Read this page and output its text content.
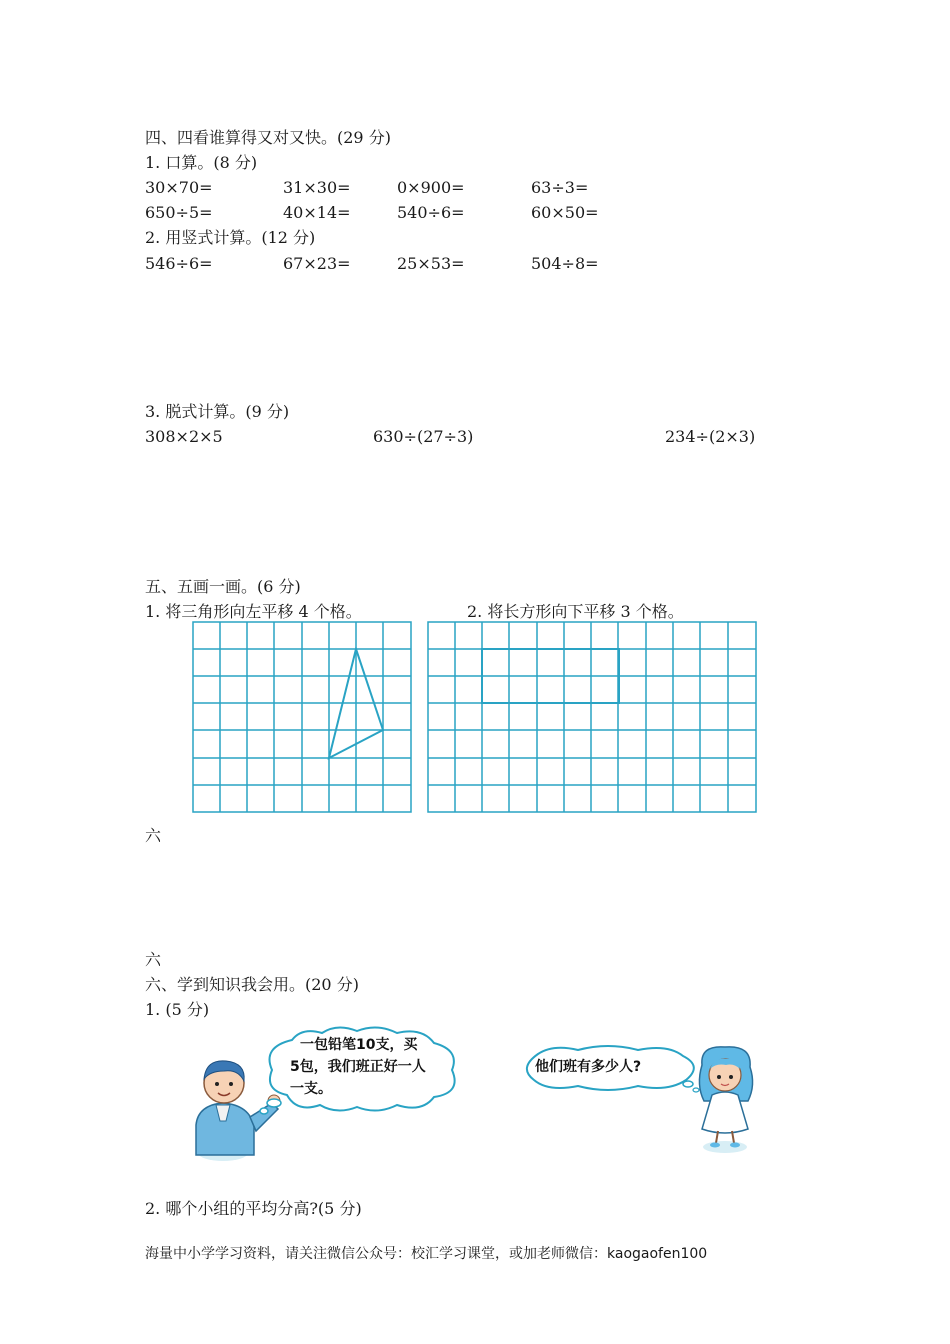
四、四看谁算得又对又快。(29 分)
1. 口算。(8 分)
30×70=	31×30=	0×900=	63÷3=
650÷5=	40×14=	540÷6=	60×50=
2. 用竖式计算。(12 分)
546÷6=	67×23=	25×53=	504÷8=
3. 脱式计算。(9 分)
308×2×5	630÷(27÷3)	234÷(2×3)
五、五画一画。(6 分)
1. 将三角形向左平移 4 个格。	2. 将长方形向下平移 3 个格。
六
六
六、学到知识我会用。(20 分)
1. (5 分)
一包铅笔10支，买
5包，我们班正好一人
一支。
他们班有多少人?
2. 哪个小组的平均分高?(5 分)
海量中小学学习资料，请关注微信公众号：校汇学习课堂，或加老师微信：kaogaofen100
